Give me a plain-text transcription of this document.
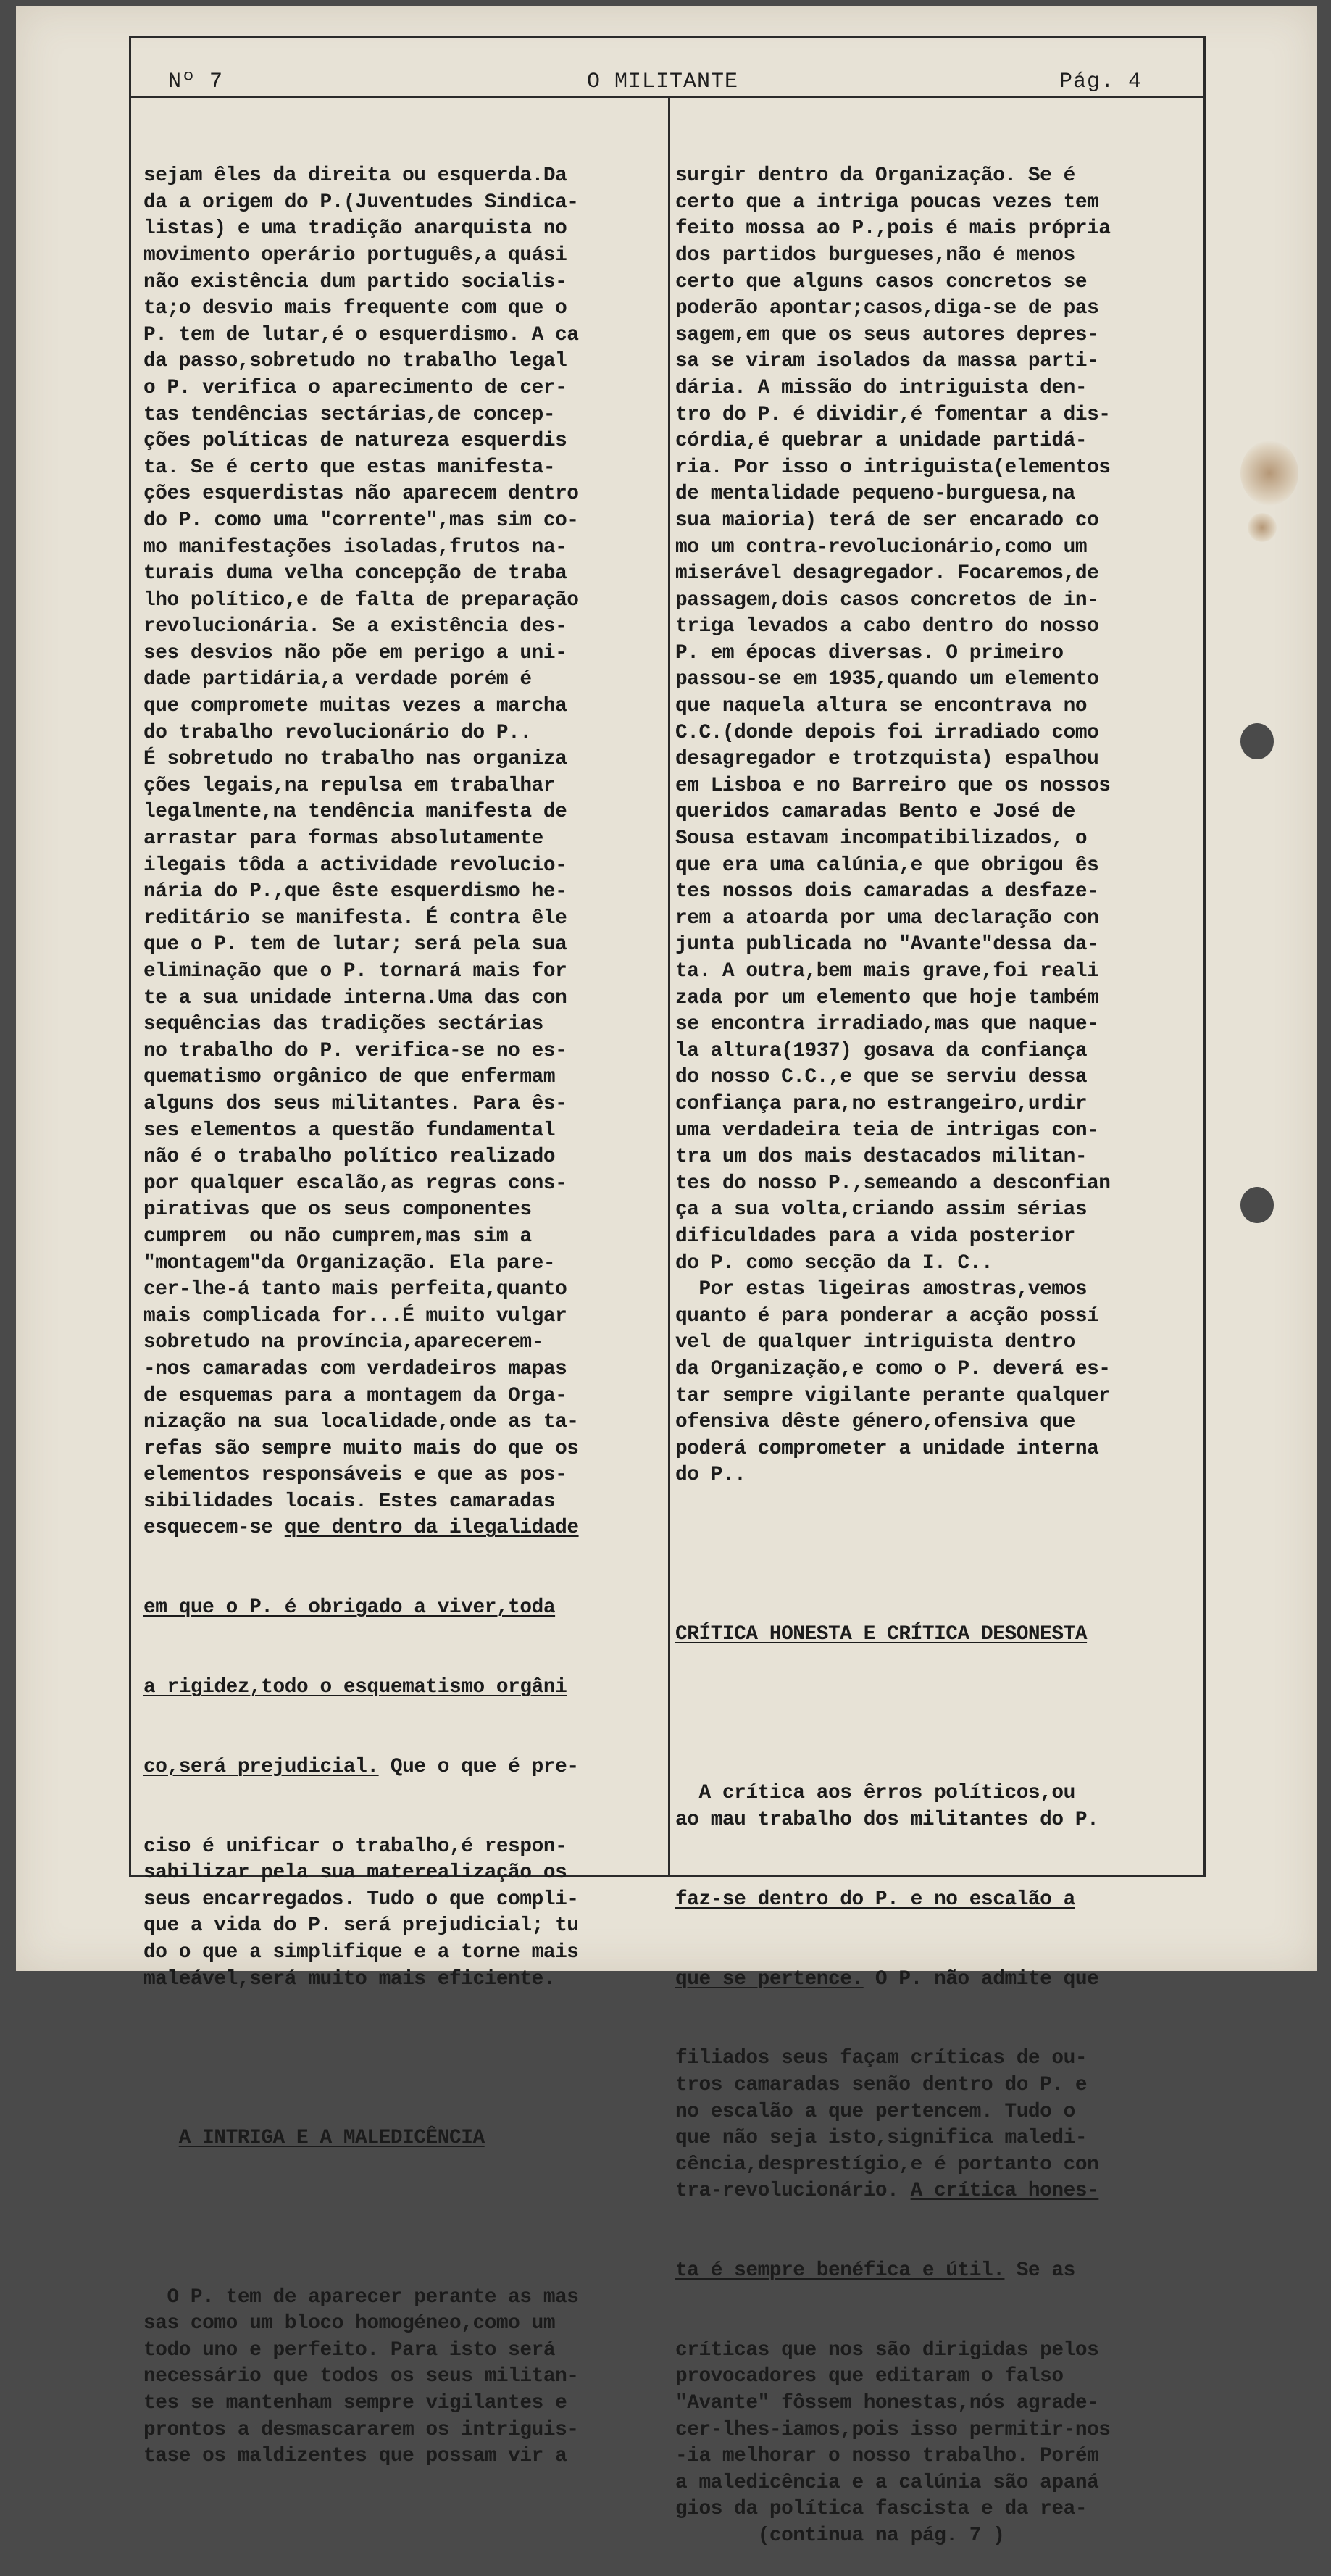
Nº 7	O MILITANTE	Pág. 4

sejam êles da direita ou esquerda.Da
da a origem do P.(Juventudes Sindica-
listas) e uma tradição anarquista no
movimento operário português,a quási
não existência dum partido socialis-
ta;o desvio mais frequente com que o
P. tem de lutar,é o esquerdismo. A ca
da passo,sobretudo no trabalho legal
o P. verifica o aparecimento de cer-
tas tendências sectárias,de concep-
ções políticas de natureza esquerdis
ta. Se é certo que estas manifesta-
ções esquerdistas não aparecem dentro
do P. como uma "corrente",mas sim co-
mo manifestações isoladas,frutos na-
turais duma velha concepção de traba
lho político,e de falta de preparação
revolucionária. Se a existência des-
ses desvios não põe em perigo a uni-
dade partidária,a verdade porém é
que compromete muitas vezes a marcha
do trabalho revolucionário do P..
É sobretudo no trabalho nas organiza
ções legais,na repulsa em trabalhar
legalmente,na tendência manifesta de
arrastar para formas absolutamente
ilegais tôda a actividade revolucio-
nária do P.,que êste esquerdismo he-
reditário se manifesta. É contra êle
que o P. tem de lutar; será pela sua
eliminação que o P. tornará mais for
te a sua unidade interna.Uma das con
sequências das tradições sectárias
no trabalho do P. verifica-se no es-
quematismo orgânico de que enfermam
alguns dos seus militantes. Para ês-
ses elementos a questão fundamental
não é o trabalho político realizado
por qualquer escalão,as regras cons-
pirativas que os seus componentes
cumprem  ou não cumprem,mas sim a
"montagem"da Organização. Ela pare-
cer-lhe-á tanto mais perfeita,quanto
mais complicada for...É muito vulgar
sobretudo na província,aparecerem-
-nos camaradas com verdadeiros mapas
de esquemas para a montagem da Orga-
nização na sua localidade,onde as ta-
refas são sempre muito mais do que os
elementos responsáveis e que as pos-
sibilidades locais. Estes camaradas
esquecem-se que dentro da ilegalidade

em que o P. é obrigado a viver,toda

a rigidez,todo o esquematismo orgâni

co,será prejudicial. Que o que é pre-

ciso é unificar o trabalho,é respon-
sabilizar pela sua materealização os
seus encarregados. Tudo o que compli-
que a vida do P. será prejudicial; tu
do o que a simplifique e a torne mais
maleável,será muito mais eficiente.

A INTRIGA E A MALEDICÊNCIA

O P. tem de aparecer perante as mas
sas como um bloco homogéneo,como um
todo uno e perfeito. Para isto será
necessário que todos os seus militan-
tes se mantenham sempre vigilantes e
prontos a desmascararem os intriguis-
tase os maldizentes que possam vir a

surgir dentro da Organização. Se é
certo que a intriga poucas vezes tem
feito mossa ao P.,pois é mais própria
dos partidos burgueses,não é menos
certo que alguns casos concretos se
poderão apontar;casos,diga-se de pas
sagem,em que os seus autores depres-
sa se viram isolados da massa parti-
dária. A missão do intriguista den-
tro do P. é dividir,é fomentar a dis-
córdia,é quebrar a unidade partidá-
ria. Por isso o intriguista(elementos
de mentalidade pequeno-burguesa,na
sua maioria) terá de ser encarado co
mo um contra-revolucionário,como um
miserável desagregador. Focaremos,de
passagem,dois casos concretos de in-
triga levados a cabo dentro do nosso
P. em épocas diversas. O primeiro
passou-se em 1935,quando um elemento
que naquela altura se encontrava no
C.C.(donde depois foi irradiado como
desagregador e trotzquista) espalhou
em Lisboa e no Barreiro que os nossos
queridos camaradas Bento e José de
Sousa estavam incompatibilizados, o
que era uma calúnia,e que obrigou ês
tes nossos dois camaradas a desfaze-
rem a atoarda por uma declaração con
junta publicada no "Avante"dessa da-
ta. A outra,bem mais grave,foi reali
zada por um elemento que hoje também
se encontra irradiado,mas que naque-
la altura(1937) gosava da confiança
do nosso C.C.,e que se serviu dessa
confiança para,no estrangeiro,urdir
uma verdadeira teia de intrigas con-
tra um dos mais destacados militan-
tes do nosso P.,semeando a desconfian
ça a sua volta,criando assim sérias
dificuldades para a vida posterior
do P. como secção da I. C..
Por estas ligeiras amostras,vemos
quanto é para ponderar a acção possí
vel de qualquer intriguista dentro
da Organização,e como o P. deverá es-
tar sempre vigilante perante qualquer
ofensiva dêste género,ofensiva que
poderá comprometer a unidade interna
do P..

CRÍTICA HONESTA E CRÍTICA DESONESTA

A crítica aos êrros políticos,ou
ao mau trabalho dos militantes do P.

faz-se dentro do P. e no escalão a

que se pertence. O P. não admite que

filiados seus façam críticas de ou-
tros camaradas senão dentro do P. e
no escalão a que pertencem. Tudo o
que não seja isto,significa maledi-
cência,desprestígio,e é portanto con
tra-revolucionário. A crítica hones-

ta é sempre benéfica e útil. Se as

críticas que nos são dirigidas pelos
provocadores que editaram o falso
"Avante" fôssem honestas,nós agrade-
cer-lhes-iamos,pois isso permitir-nos
-ia melhorar o nosso trabalho. Porém
a maledicência e a calúnia são apaná
gios da política fascista e da rea-
(continua na pág. 7 )
